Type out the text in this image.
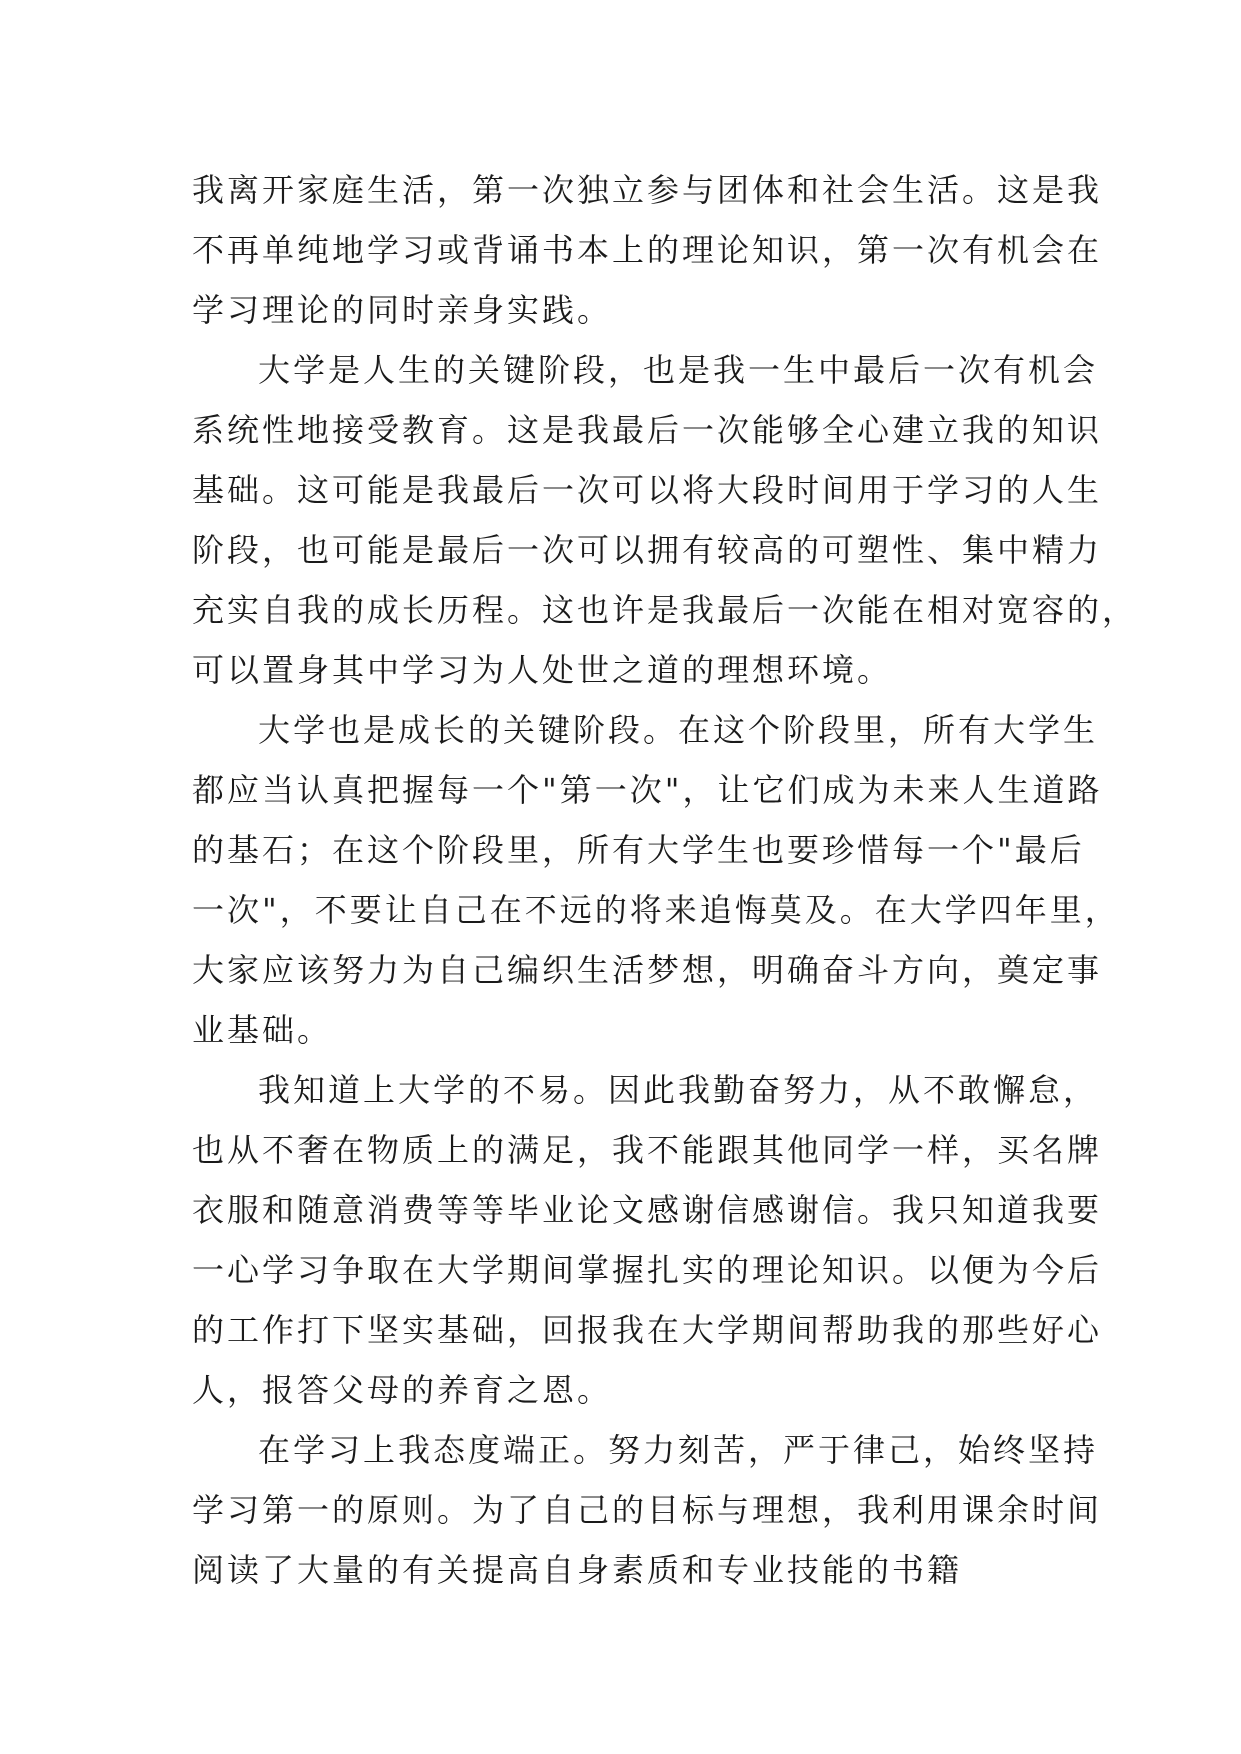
我离开家庭生活，第一次独立参与团体和社会生活。这是我
不再单纯地学习或背诵书本上的理论知识，第一次有机会在
学习理论的同时亲身实践。

大学是人生的关键阶段，也是我一生中最后一次有机会
系统性地接受教育。这是我最后一次能够全心建立我的知识
基础。这可能是我最后一次可以将大段时间用于学习的人生
阶段，也可能是最后一次可以拥有较高的可塑性、集中精力
充实自我的成长历程。这也许是我最后一次能在相对宽容的，
可以置身其中学习为人处世之道的理想环境。

大学也是成长的关键阶段。在这个阶段里，所有大学生
都应当认真把握每一个"第一次"，让它们成为未来人生道路
的基石；在这个阶段里，所有大学生也要珍惜每一个"最后
一次"，不要让自己在不远的将来追悔莫及。在大学四年里，
大家应该努力为自己编织生活梦想，明确奋斗方向，奠定事
业基础。

我知道上大学的不易。因此我勤奋努力，从不敢懈怠，
也从不奢在物质上的满足，我不能跟其他同学一样，买名牌
衣服和随意消费等等毕业论文感谢信感谢信。我只知道我要
一心学习争取在大学期间掌握扎实的理论知识。以便为今后
的工作打下坚实基础，回报我在大学期间帮助我的那些好心
人，报答父母的养育之恩。

在学习上我态度端正。努力刻苦，严于律己，始终坚持
学习第一的原则。为了自己的目标与理想，我利用课余时间
阅读了大量的有关提高自身素质和专业技能的书籍
